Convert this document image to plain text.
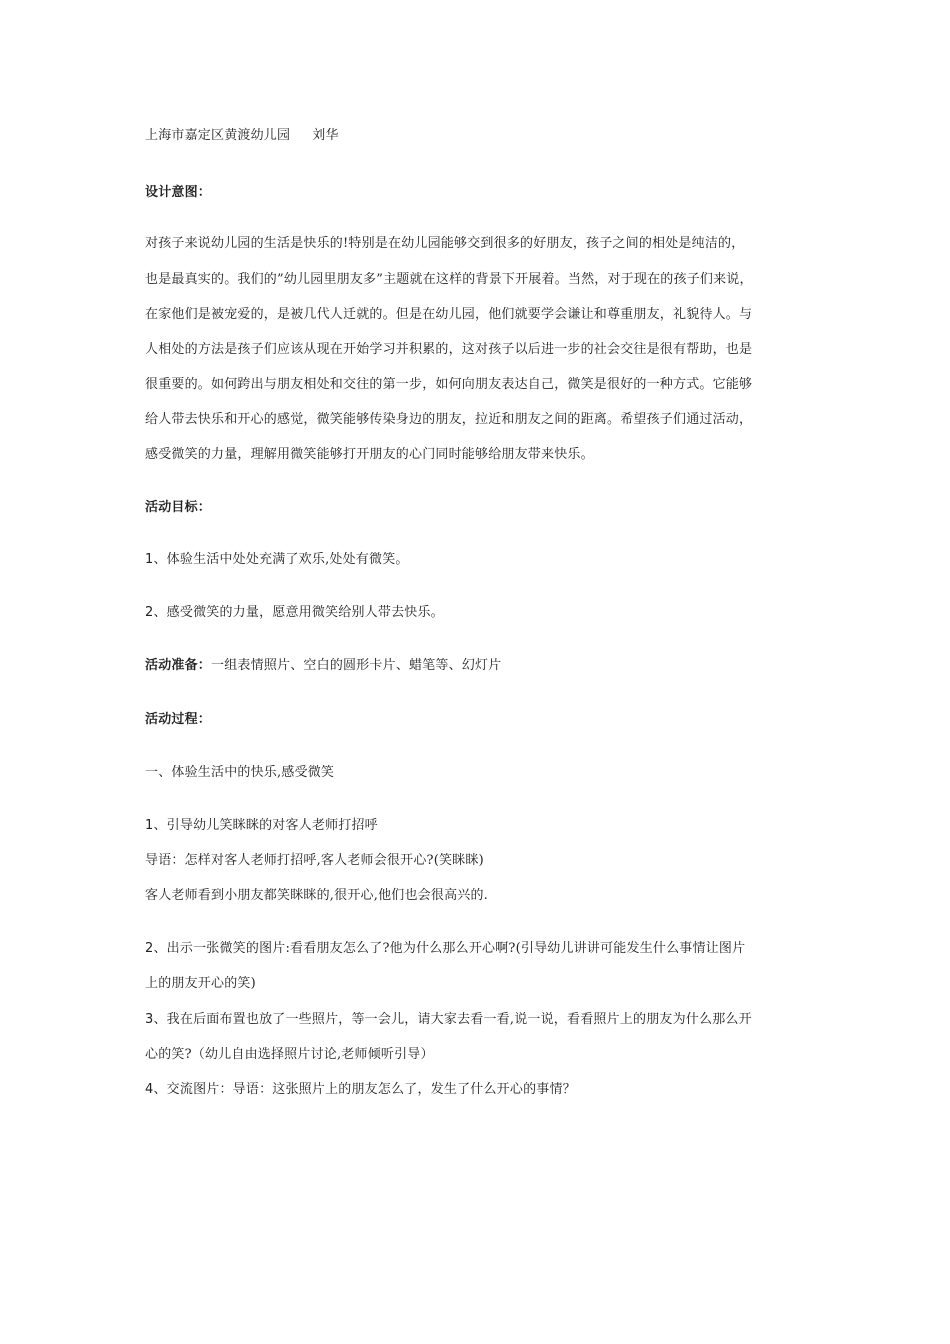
上海市嘉定区黄渡幼儿园 刘华
设计意图：
对孩子来说幼儿园的生活是快乐的!特别是在幼儿园能够交到很多的好朋友，孩子之间的相处是纯洁的，
也是最真实的。我们的”幼儿园里朋友多”主题就在这样的背景下开展着。当然，对于现在的孩子们来说，
在家他们是被宠爱的，是被几代人迁就的。但是在幼儿园，他们就要学会谦让和尊重朋友，礼貌待人。与
人相处的方法是孩子们应该从现在开始学习并积累的，这对孩子以后进一步的社会交往是很有帮助，也是
很重要的。如何跨出与朋友相处和交往的第一步，如何向朋友表达自己，微笑是很好的一种方式。它能够
给人带去快乐和开心的感觉，微笑能够传染身边的朋友，拉近和朋友之间的距离。希望孩子们通过活动，
感受微笑的力量，理解用微笑能够打开朋友的心门同时能够给朋友带来快乐。
活动目标：
1、体验生活中处处充满了欢乐,处处有微笑。
2、感受微笑的力量，愿意用微笑给别人带去快乐。
活动准备：一组表情照片、空白的圆形卡片、蜡笔等、幻灯片
活动过程：
一、体验生活中的快乐,感受微笑
1、引导幼儿笑眯眯的对客人老师打招呼
导语：怎样对客人老师打招呼,客人老师会很开心?(笑眯眯)
客人老师看到小朋友都笑眯眯的,很开心,他们也会很高兴的.
2、出示一张微笑的图片:看看朋友怎么了?他为什么那么开心啊?(引导幼儿讲讲可能发生什么事情让图片
上的朋友开心的笑)
3、我在后面布置也放了一些照片，等一会儿，请大家去看一看,说一说，看看照片上的朋友为什么那么开
心的笑?（幼儿自由选择照片讨论,老师倾听引导）
4、交流图片：导语：这张照片上的朋友怎么了，发生了什么开心的事情？
